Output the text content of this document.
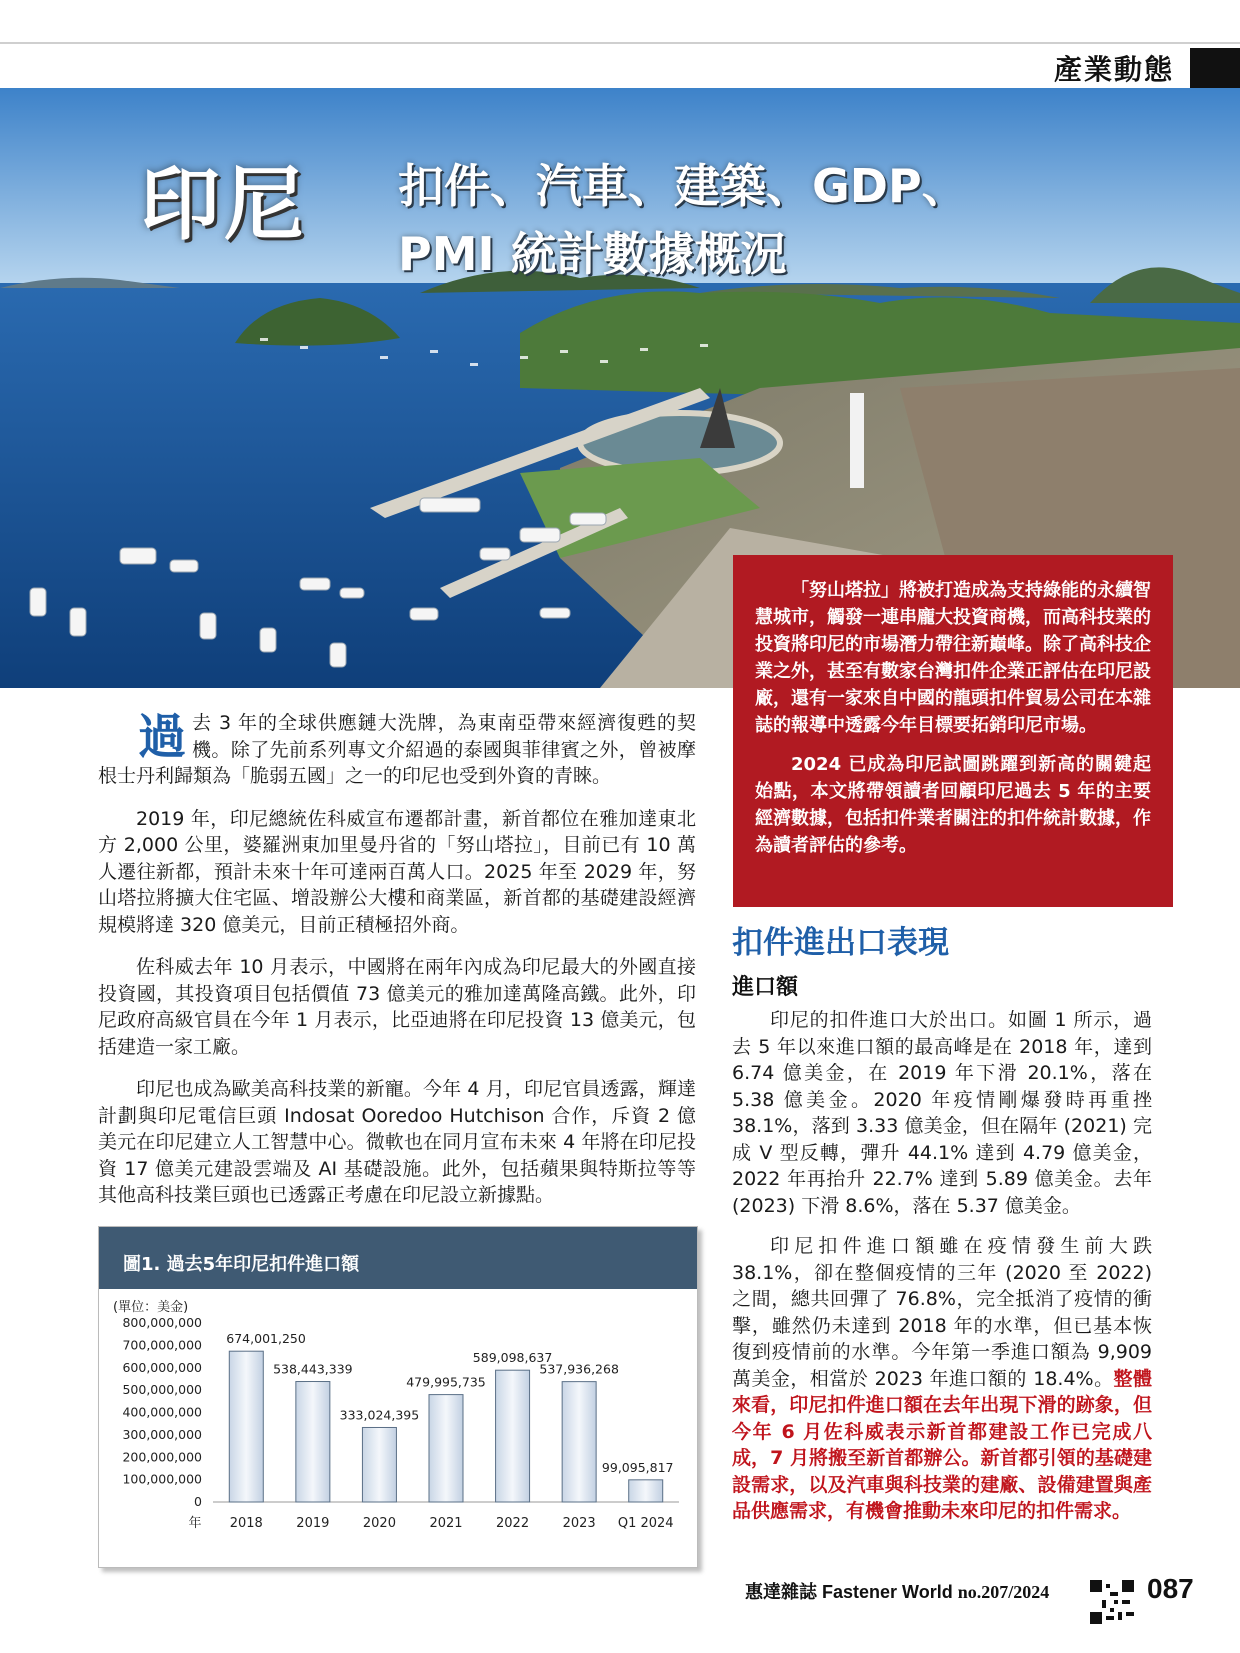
產業動態
印尼 扣件、汽車、建築、GDP、
PMI 統計數據概況

「努山塔拉」將被打造成為支持綠能的永續智慧城市，觸發一連串龐大投資商機，而高科技業的投資將印尼的市場潛力帶往新巔峰。除了高科技企業之外，甚至有數家台灣扣件企業正評估在印尼設廠，還有一家來自中國的龍頭扣件貿易公司在本雜誌的報導中透露今年目標要拓銷印尼市場。

2024 已成為印尼試圖跳躍到新高的關鍵起始點，本文將帶領讀者回顧印尼過去 5 年的主要經濟數據，包括扣件業者關注的扣件統計數據，作為讀者評估的參考。

過去 3 年的全球供應鏈大洗牌，為東南亞帶來經濟復甦的契機。除了先前系列專文介紹過的泰國與菲律賓之外，曾被摩根士丹利歸類為「脆弱五國」之一的印尼也受到外資的青睞。

2019 年，印尼總統佐科威宣布遷都計畫，新首都位在雅加達東北方 2,000 公里，婆羅洲東加里曼丹省的「努山塔拉」，目前已有 10 萬人遷往新都，預計未來十年可達兩百萬人口。2025 年至 2029 年，努山塔拉將擴大住宅區、增設辦公大樓和商業區，新首都的基礎建設經濟規模將達 320 億美元，目前正積極招外商。

佐科威去年 10 月表示，中國將在兩年內成為印尼最大的外國直接投資國，其投資項目包括價值 73 億美元的雅加達萬隆高鐵。此外，印尼政府高級官員在今年 1 月表示，比亞迪將在印尼投資 13 億美元，包括建造一家工廠。

印尼也成為歐美高科技業的新寵。今年 4 月，印尼官員透露，輝達計劃與印尼電信巨頭 Indosat Ooredoo Hutchison 合作，斥資 2 億美元在印尼建立人工智慧中心。微軟也在同月宣布未來 4 年將在印尼投資 17 億美元建設雲端及 AI 基礎設施。此外，包括蘋果與特斯拉等等其他高科技業巨頭也已透露正考慮在印尼設立新據點。

扣件進出口表現
進口額

印尼的扣件進口大於出口。如圖 1 所示，過去 5 年以來進口額的最高峰是在 2018 年，達到 6.74 億美金，在 2019 年下滑 20.1%，落在 5.38 億美金。2020 年疫情剛爆發時再重挫 38.1%，落到 3.33 億美金，但在隔年 (2021) 完成 V 型反轉，彈升 44.1% 達到 4.79 億美金，2022 年再抬升 22.7% 達到 5.89 億美金。去年 (2023) 下滑 8.6%，落在 5.37 億美金。

印尼扣件進口額雖在疫情發生前大跌 38.1%，卻在整個疫情的三年 (2020 至 2022) 之間，總共回彈了 76.8%，完全抵消了疫情的衝擊，雖然仍未達到 2018 年的水準，但已基本恢復到疫情前的水準。今年第一季進口額為 9,909 萬美金，相當於 2023 年進口額的 18.4%。整體來看，印尼扣件進口額在去年出現下滑的跡象，但今年 6 月佐科威表示新首都建設工作已完成八成，7 月將搬至新首都辦公。新首都引領的基礎建設需求，以及汽車與科技業的建廠、設備建置與產品供應需求，有機會推動未來印尼的扣件需求。

圖1. 過去5年印尼扣件進口額
(單位：美金)
0
100,000,000
200,000,000
300,000,000
400,000,000
500,000,000
600,000,000
700,000,000
800,000,000
年 2018
674,001,250
2019
538,443,339
2020
333,024,395
2021
479,995,735
2022
589,098,637
2023
537,936,268
Q1 2024
99,095,817
惠達雜誌 Fastener World no.207/2024	087
